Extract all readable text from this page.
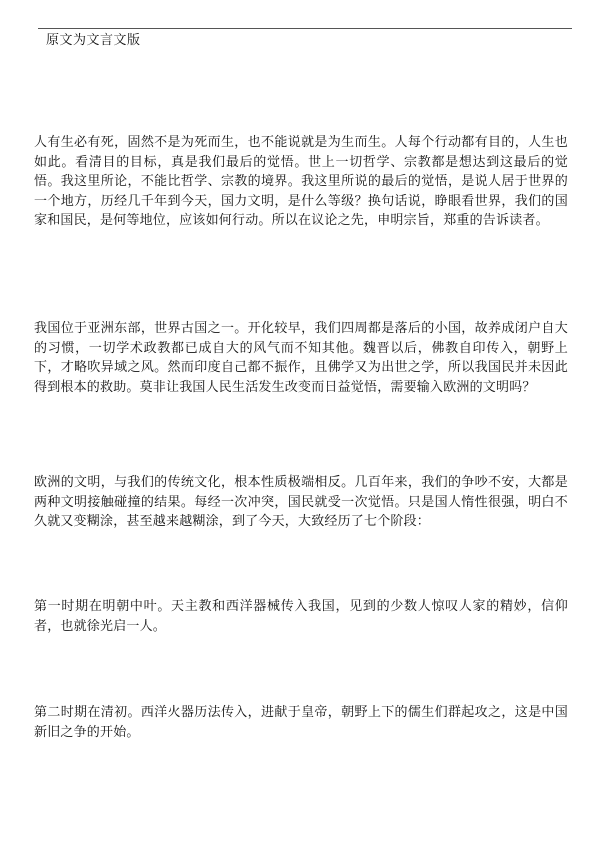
原文为文言文版

人有生必有死，固然不是为死而生，也不能说就是为生而生。人每个行动都有目的，人生也如此。看清目的目标，真是我们最后的觉悟。世上一切哲学、宗教都是想达到这最后的觉悟。我这里所论，不能比哲学、宗教的境界。我这里所说的最后的觉悟，是说人居于世界的一个地方，历经几千年到今天，国力文明，是什么等级？换句话说，睁眼看世界，我们的国家和国民，是何等地位，应该如何行动。所以在议论之先，申明宗旨，郑重的告诉读者。

我国位于亚洲东部，世界古国之一。开化较早，我们四周都是落后的小国，故养成闭户自大的习惯，一切学术政教都已成自大的风气而不知其他。魏晋以后，佛教自印传入，朝野上下，才略吹异域之风。然而印度自己都不振作，且佛学又为出世之学，所以我国民并未因此得到根本的救助。莫非让我国人民生活发生改变而日益觉悟，需要输入欧洲的文明吗？

欧洲的文明，与我们的传统文化，根本性质极端相反。几百年来，我们的争吵不安，大都是两种文明接触碰撞的结果。每经一次冲突，国民就受一次觉悟。只是国人惰性很强，明白不久就又变糊涂，甚至越来越糊涂，到了今天，大致经历了七个阶段：

第一时期在明朝中叶。天主教和西洋器械传入我国，见到的少数人惊叹人家的精妙，信仰者，也就徐光启一人。

第二时期在清初。西洋火器历法传入，进献于皇帝，朝野上下的儒生们群起攻之，这是中国新旧之争的开始。
